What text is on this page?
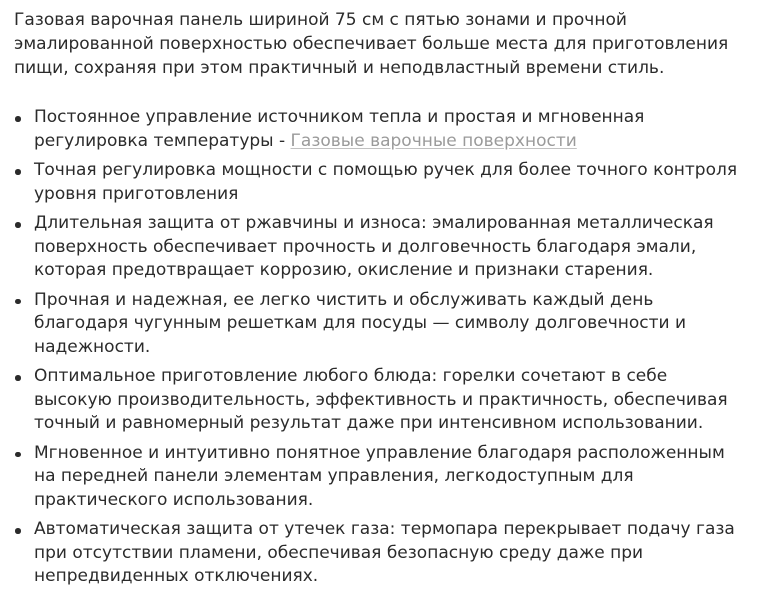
Газовая варочная панель шириной 75 см с пятью зонами и прочной эмалированной поверхностью обеспечивает больше места для приготовления пищи, сохраняя при этом практичный и неподвластный времени стиль.

Постоянное управление источником тепла и простая и мгновенная регулировка температуры - Газовые варочные поверхности
Точная регулировка мощности с помощью ручек для более точного контроля уровня приготовления
Длительная защита от ржавчины и износа: эмалированная металлическая поверхность обеспечивает прочность и долговечность благодаря эмали, которая предотвращает коррозию, окисление и признаки старения.
Прочная и надежная, ее легко чистить и обслуживать каждый день благодаря чугунным решеткам для посуды — символу долговечности и надежности.
Оптимальное приготовление любого блюда: горелки сочетают в себе высокую производительность, эффективность и практичность, обеспечивая точный и равномерный результат даже при интенсивном использовании.
Мгновенное и интуитивно понятное управление благодаря расположенным на передней панели элементам управления, легкодоступным для практического использования.
Автоматическая защита от утечек газа: термопара перекрывает подачу газа при отсутствии пламени, обеспечивая безопасную среду даже при непредвиденных отключениях.
